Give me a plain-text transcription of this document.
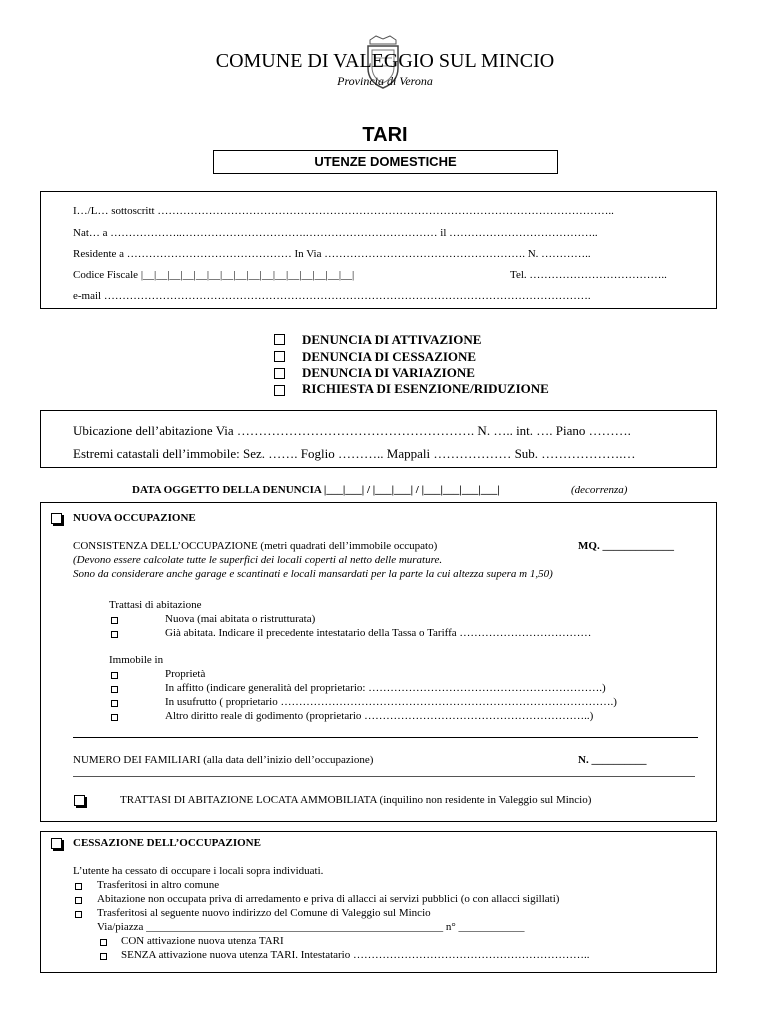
COMUNE DI VALEGGIO SUL MINCIO
Provincia di Verona
TARI
UTENZE DOMESTICHE
I…/L… sottoscritt ……………………………………………………………………………………………………………..
Nat… a ………………..…………………………….……………………………… il …………………………………..
Residente a ……………………………………… In Via ………………………………………………. N. …………..
Codice Fiscale |__|__|__|__|__|__|__|__|__|__|__|__|__|__|__|__|	Tel. ………………………………..
e-mail …………………………………………………………………………………………………………………….
DENUNCIA DI ATTIVAZIONE
DENUNCIA DI CESSAZIONE
DENUNCIA DI VARIAZIONE
RICHIESTA DI ESENZIONE/RIDUZIONE
Ubicazione dell’abitazione Via ………………………………………………. N. ….. int. …. Piano ……….
Estremi catastali dell’immobile: Sez. ……. Foglio ……….. Mappali ……………… Sub. ……………….…
DATA OGGETTO DELLA DENUNCIA |___|___| / |___|___| / |___|___|___|___|	(decorrenza)
NUOVA OCCUPAZIONE
CONSISTENZA DELL’OCCUPAZIONE (metri quadrati dell’immobile occupato)	MQ. _____________
(Devono essere calcolate tutte le superfici dei locali coperti al netto delle murature.
Sono da considerare anche garage e scantinati e locali mansardati per la parte la cui altezza supera m 1,50)
Trattasi di abitazione
Nuova (mai abitata o ristrutturata)
Già abitata. Indicare il precedente intestatario della Tassa o Tariffa ………………………………
Immobile in
Proprietà
In affitto (indicare generalità del proprietario: ……………………………………………………….)
In usufrutto ( proprietario ……………………………………………………………………………….)
Altro diritto reale di godimento (proprietario ……………………………………………………..)
NUMERO DEI FAMILIARI (alla data dell’inizio dell’occupazione)	N. __________
TRATTASI DI ABITAZIONE LOCATA AMMOBILIATA (inquilino non residente in Valeggio sul Mincio)
CESSAZIONE DELL’OCCUPAZIONE
L’utente ha cessato di occupare i locali sopra individuati.
Trasferitosi in altro comune
Abitazione non occupata priva di arredamento e priva di allacci ai servizi pubblici (o con allacci sigillati)
Trasferitosi al seguente nuovo indirizzo del Comune di Valeggio sul Mincio
Via/piazza ______________________________________________________ n° ____________
CON attivazione nuova utenza TARI
SENZA attivazione nuova utenza TARI. Intestatario ………………………………………………………..
